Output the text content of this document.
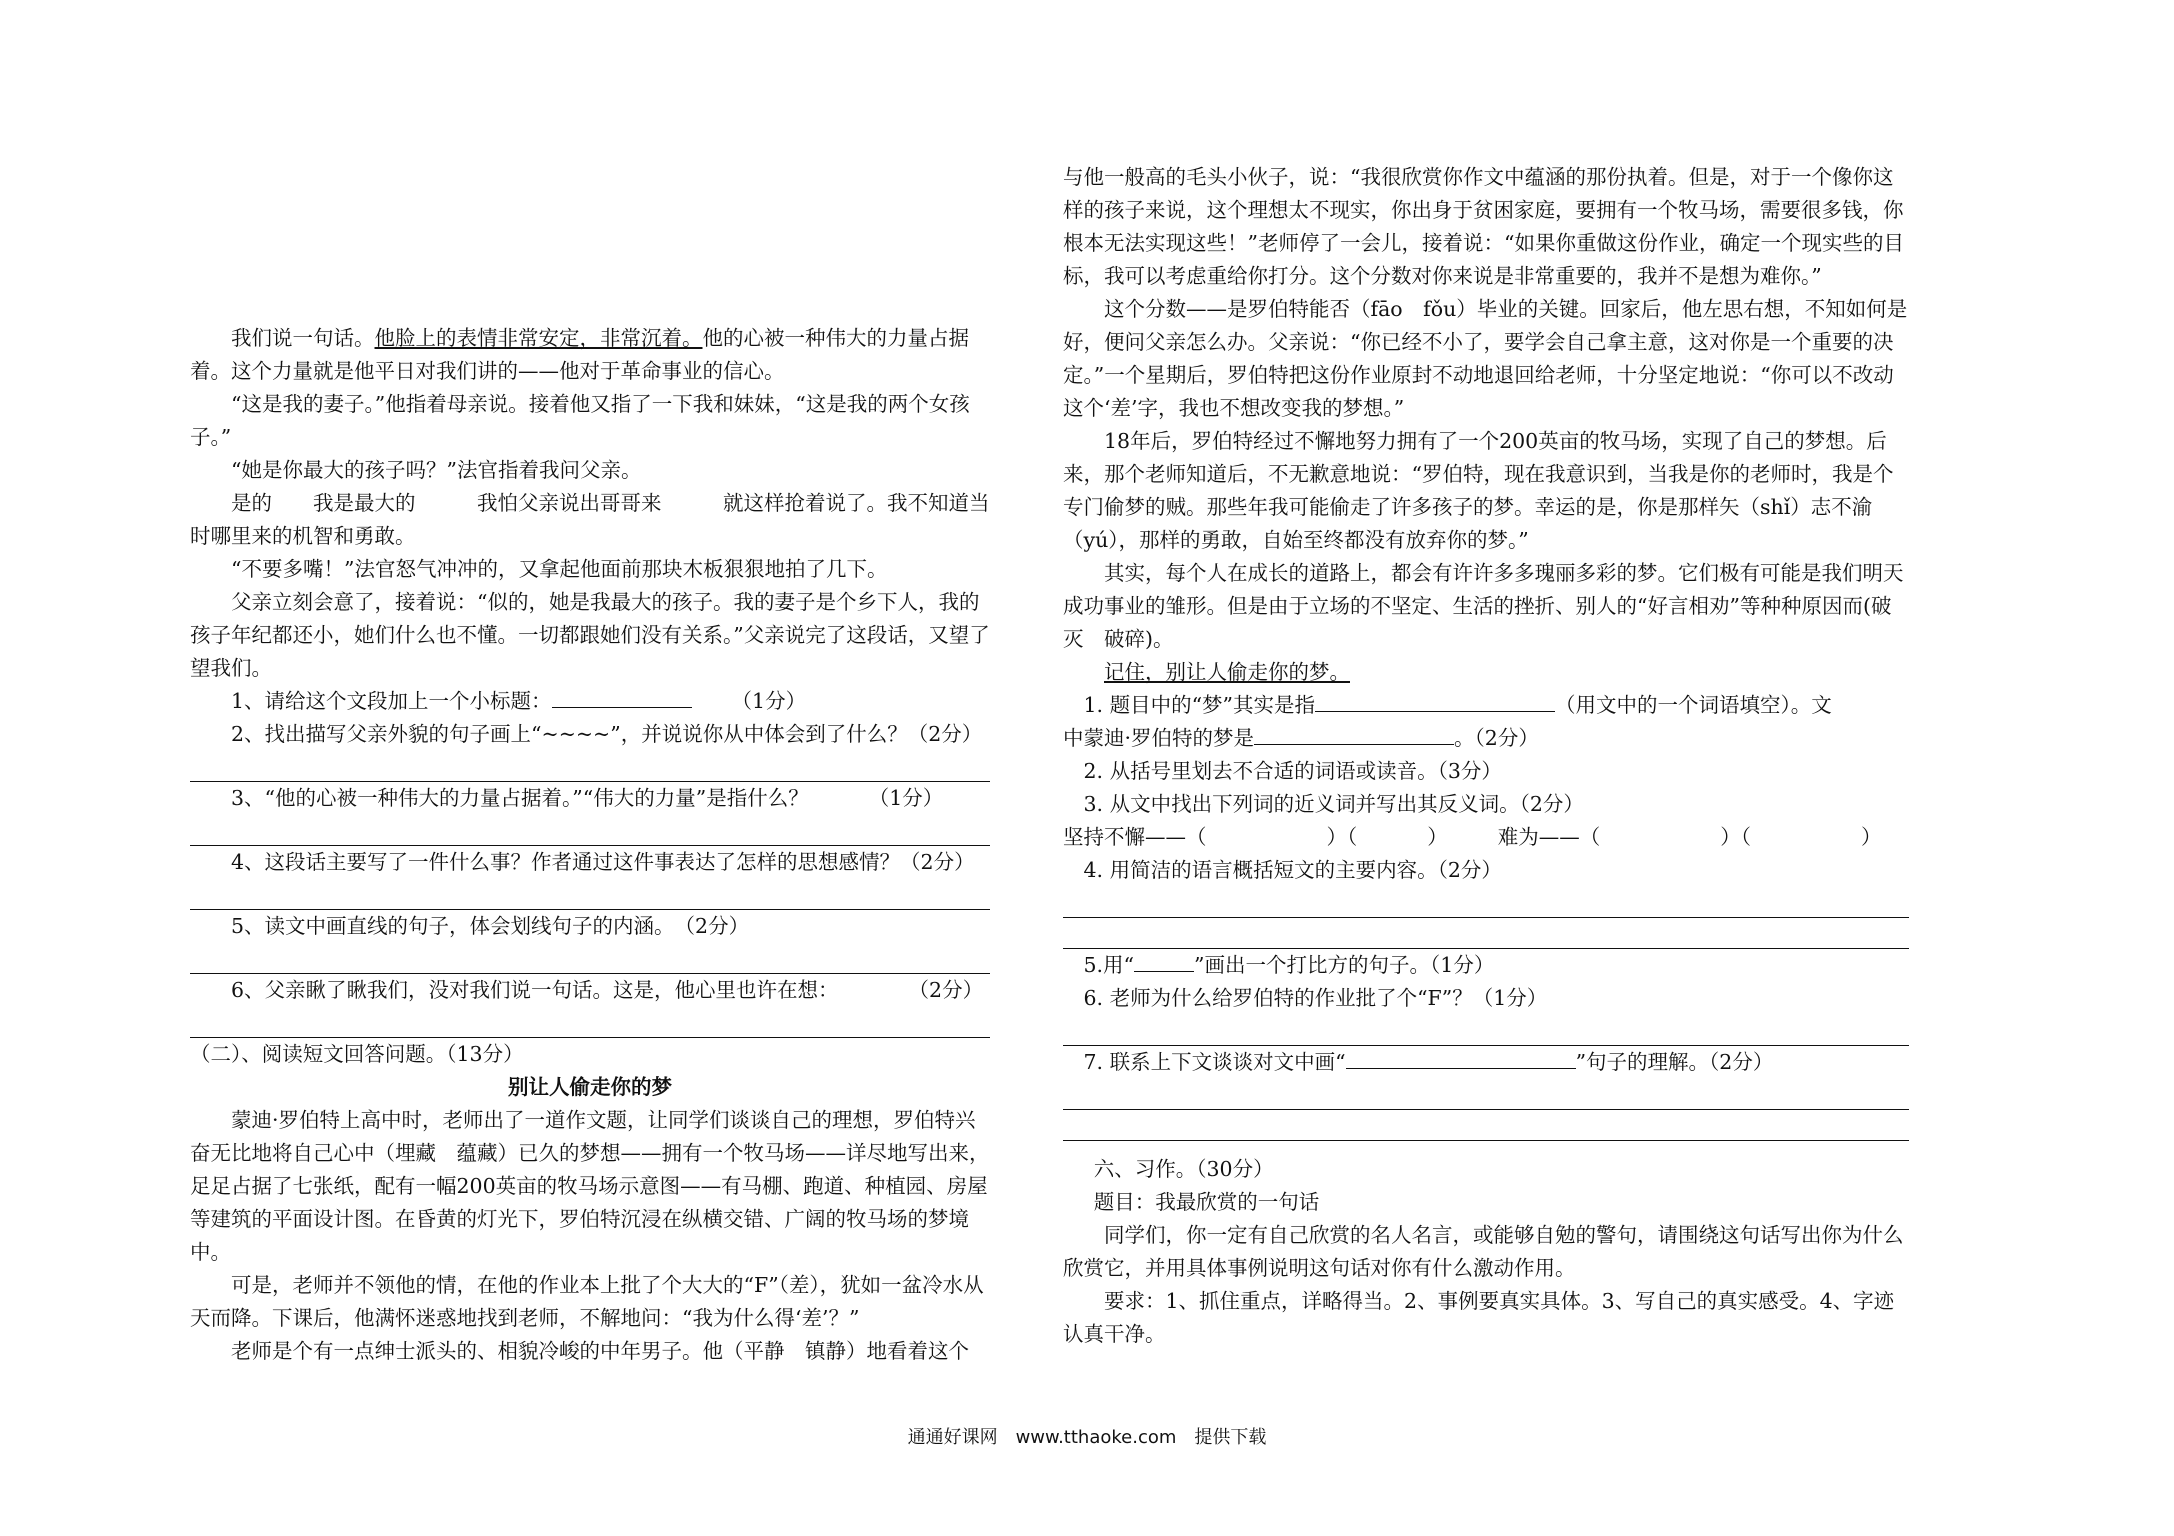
我们说一句话。他脸上的表情非常安定，非常沉着。他的心被一种伟大的力量占据着。这个力量就是他平日对我们讲的——他对于革命事业的信心。

“这是我的妻子。”他指着母亲说。接着他又指了一下我和妹妹，“这是我的两个女孩子。”

“她是你最大的孩子吗？”法官指着我问父亲。

是的　　我是最大的　　　我怕父亲说出哥哥来　　　就这样抢着说了。我不知道当时哪里来的机智和勇敢。

“不要多嘴！”法官怒气冲冲的，又拿起他面前那块木板狠狠地拍了几下。

父亲立刻会意了，接着说：“似的，她是我最大的孩子。我的妻子是个乡下人，我的孩子年纪都还小，她们什么也不懂。一切都跟她们没有关系。”父亲说完了这段话，又望了望我们。

1、请给这个文段加上一个小标题：	（1分）

2、找出描写父亲外貌的句子画上“~~~~”，并说说你从中体会到了什么？（2分）

3、“他的心被一种伟大的力量占据着。”“伟大的力量”是指什么？	（1分）

4、这段话主要写了一件什么事？作者通过这件事表达了怎样的思想感情？（2分）

5、读文中画直线的句子，体会划线句子的内涵。　（2分）

6、父亲瞅了瞅我们，没对我们说一句话。这是，他心里也许在想：	（2分）

（二）、阅读短文回答问题。（13分）

别让人偷走你的梦

蒙迪·罗伯特上高中时，老师出了一道作文题，让同学们谈谈自己的理想，罗伯特兴奋无比地将自己心中（埋藏　蕴藏）已久的梦想——拥有一个牧马场——详尽地写出来，足足占据了七张纸，配有一幅200英亩的牧马场示意图——有马棚、跑道、种植园、房屋等建筑的平面设计图。在昏黄的灯光下，罗伯特沉浸在纵横交错、广阔的牧马场的梦境中。

可是，老师并不领他的情，在他的作业本上批了个大大的“F”（差），犹如一盆冷水从天而降。下课后，他满怀迷惑地找到老师，不解地问：“我为什么得‘差’？”

老师是个有一点绅士派头的、相貌冷峻的中年男子。他（平静　镇静）地看着这个

与他一般高的毛头小伙子，说：“我很欣赏你作文中蕴涵的那份执着。但是，对于一个像你这样的孩子来说，这个理想太不现实，你出身于贫困家庭，要拥有一个牧马场，需要很多钱，你根本无法实现这些！”老师停了一会儿，接着说：“如果你重做这份作业，确定一个现实些的目标，我可以考虑重给你打分。这个分数对你来说是非常重要的，我并不是想为难你。”

这个分数——是罗伯特能否（fāo　fǒu）毕业的关键。回家后，他左思右想，不知如何是好，便问父亲怎么办。父亲说：“你已经不小了，要学会自己拿主意，这对你是一个重要的决定。”一个星期后，罗伯特把这份作业原封不动地退回给老师，十分坚定地说：“你可以不改动这个‘差’字，我也不想改变我的梦想。”

18年后，罗伯特经过不懈地努力拥有了一个200英亩的牧马场，实现了自己的梦想。后来，那个老师知道后，不无歉意地说：“罗伯特，现在我意识到，当我是你的老师时，我是个专门偷梦的贼。那些年我可能偷走了许多孩子的梦。幸运的是，你是那样矢（shǐ）志不渝（yú），那样的勇敢，自始至终都没有放弃你的梦。”

其实，每个人在成长的道路上，都会有许许多多瑰丽多彩的梦。它们极有可能是我们明天成功事业的雏形。但是由于立场的不坚定、生活的挫折、别人的“好言相劝”等种种原因而(破灭　破碎)。

记住，别让人偷走你的梦。

1. 题目中的“梦”其实是指	（用文中的一个词语填空）。文

中蒙迪·罗伯特的梦是	。（2分）

2. 从括号里划去不合适的词语或读音。（3分）

3. 从文中找出下列词的近义词并写出其反义词。（2分）

坚持不懈——（	）（	） 难为——（	）（	）

4. 用简洁的语言概括短文的主要内容。（2分）

5.用“	”画出一个打比方的句子。（1分）

6. 老师为什么给罗伯特的作业批了个“F”？（1分）

7. 联系上下文谈谈对文中画“	”句子的理解。（2分）

六、习作。（30分）

题目：我最欣赏的一句话

同学们，你一定有自己欣赏的名人名言，或能够自勉的警句，请围绕这句话写出你为什么欣赏它，并用具体事例说明这句话对你有什么激动作用。

要求：1、抓住重点，详略得当。2、事例要真实具体。3、写自己的真实感受。4、字迹认真干净。

通通好课网　www.tthaoke.com　提供下载
